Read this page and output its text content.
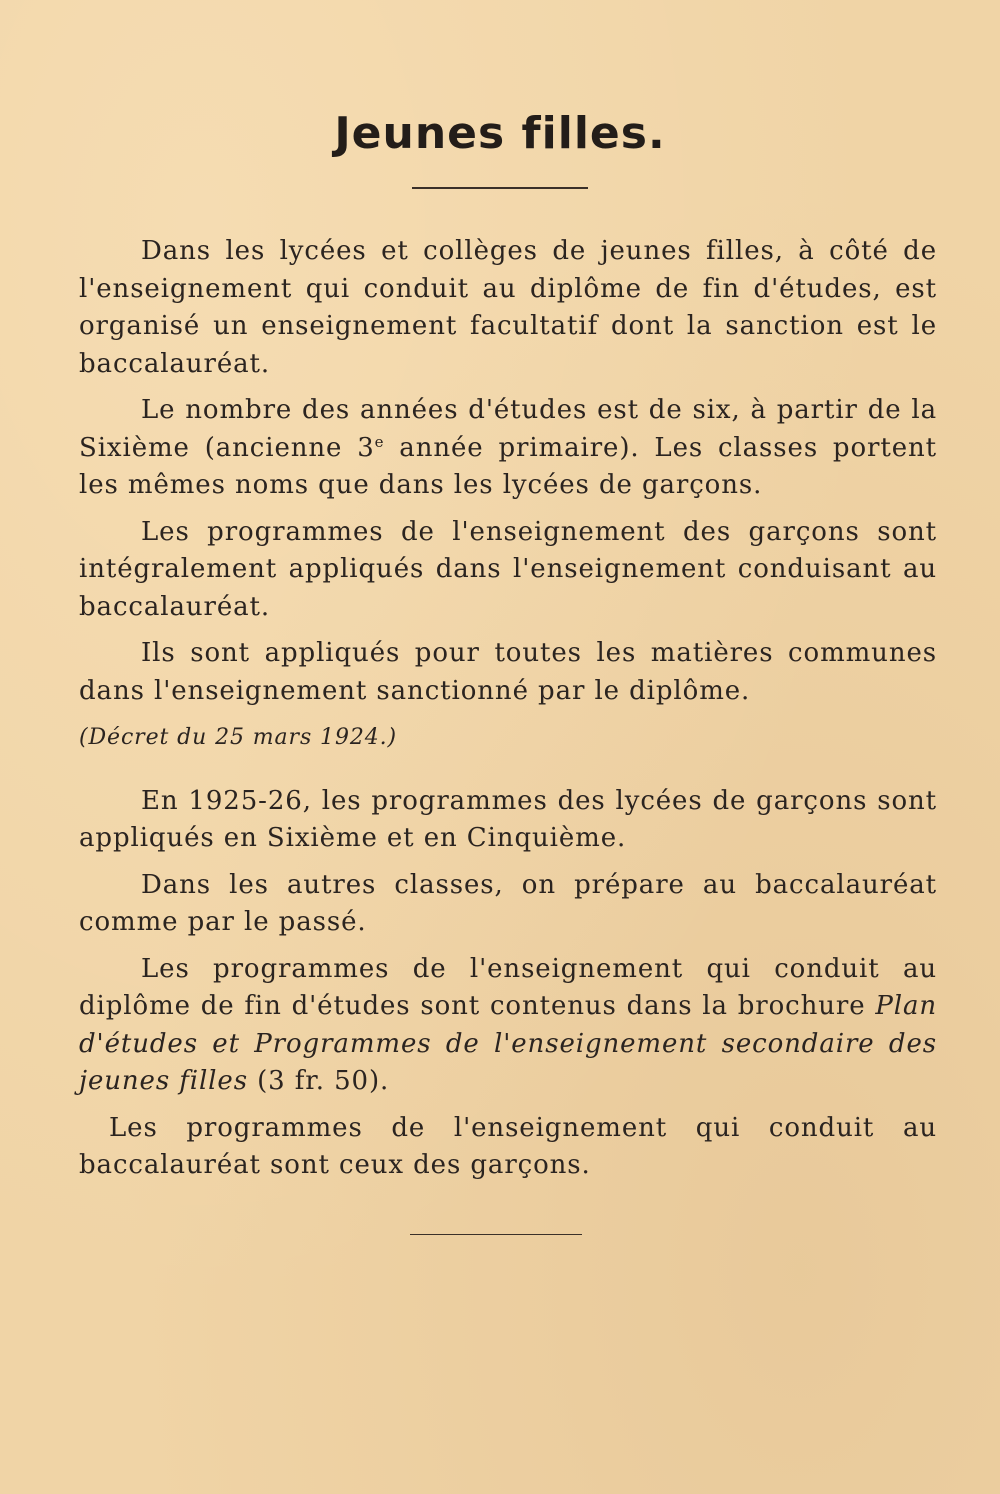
Jeunes filles.

Dans les lycées et collèges de jeunes filles, à côté de l'enseignement qui conduit au diplôme de fin d'études, est organisé un enseignement facultatif dont la sanction est le baccalauréat.

Le nombre des années d'études est de six, à partir de la Sixième (ancienne 3e année primaire). Les classes portent les mêmes noms que dans les lycées de garçons.

Les programmes de l'enseignement des garçons sont intégralement appliqués dans l'enseignement conduisant au baccalauréat.

Ils sont appliqués pour toutes les matières communes dans l'enseignement sanctionné par le diplôme.

(Décret du 25 mars 1924.)

En 1925-26, les programmes des lycées de garçons sont appliqués en Sixième et en Cinquième.

Dans les autres classes, on prépare au baccalauréat comme par le passé.

Les programmes de l'enseignement qui conduit au diplôme de fin d'études sont contenus dans la brochure Plan d'études et Programmes de l'enseignement secondaire des jeunes filles (3 fr. 50).

Les programmes de l'enseignement qui conduit au baccalauréat sont ceux des garçons.
